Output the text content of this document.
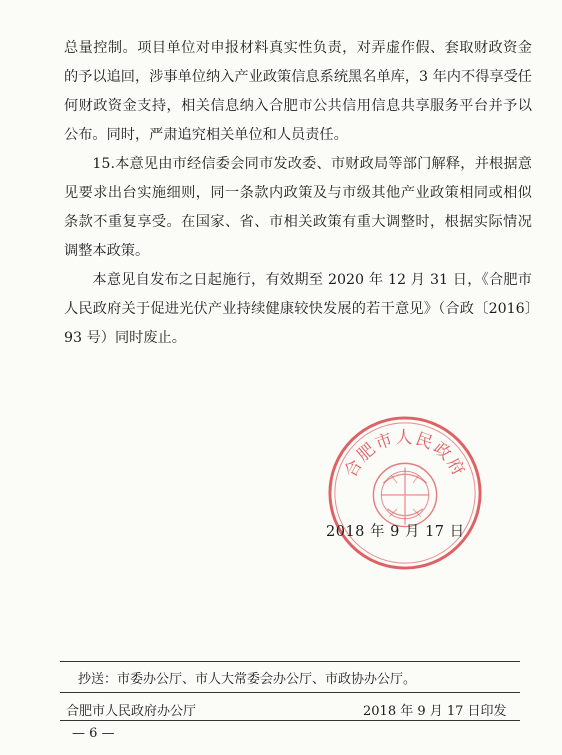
总量控制。项目单位对申报材料真实性负责，对弄虚作假、套取财政资金的予以追回，涉事单位纳入产业政策信息系统黑名单库，3 年内不得享受任何财政资金支持，相关信息纳入合肥市公共信用信息共享服务平台并予以公布。同时，严肃追究相关单位和人员责任。

15.本意见由市经信委会同市发改委、市财政局等部门解释，并根据意见要求出台实施细则，同一条款内政策及与市级其他产业政策相同或相似条款不重复享受。在国家、省、市相关政策有重大调整时，根据实际情况调整本政策。

本意见自发布之日起施行，有效期至 2020 年 12 月 31 日，《合肥市人民政府关于促进光伏产业持续健康较快发展的若干意见》（合政〔2016〕93 号）同时废止。

合肥市人民政府
2018 年 9 月 17 日
抄送：市委办公厅、市人大常委会办公厅、市政协办公厅。
合肥市人民政府办公厅	2018 年 9 月 17 日印发
— 6 —
